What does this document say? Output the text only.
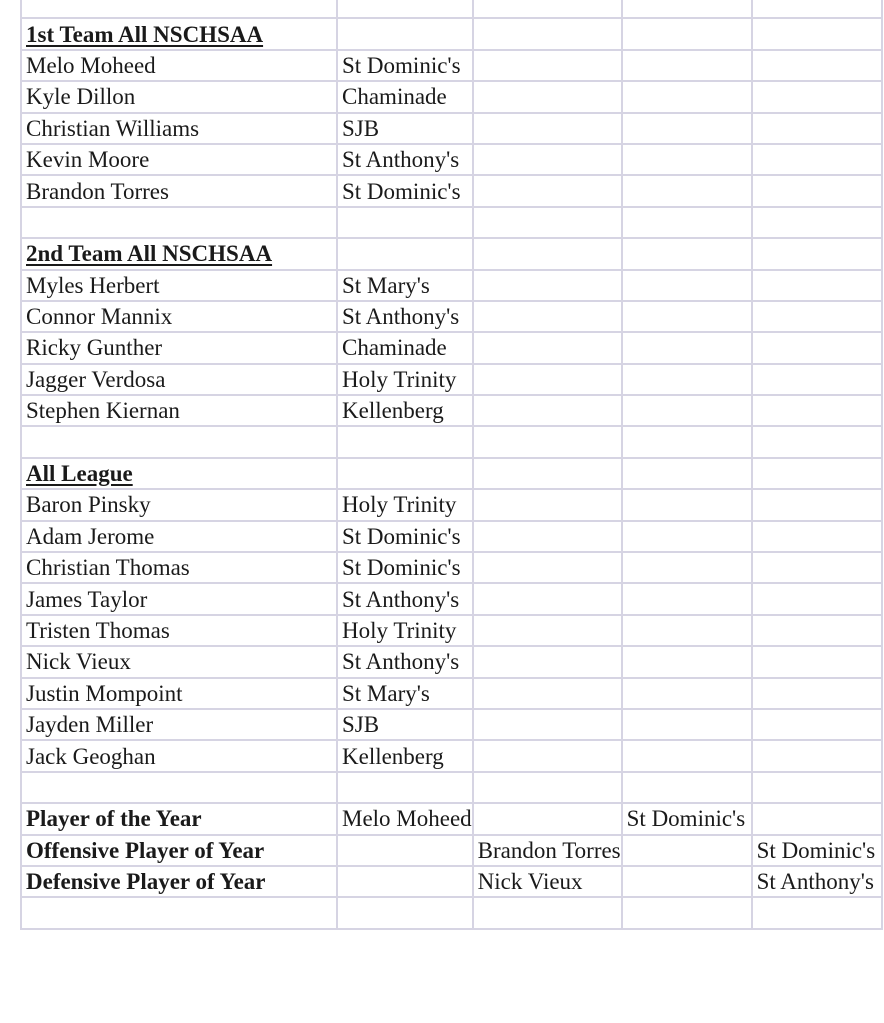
1st Team All NSCHSAA				
Melo Moheed	St Dominic's			
Kyle Dillon	Chaminade			
Christian Williams	SJB			
Kevin Moore	St Anthony's			
Brandon Torres	St Dominic's			

2nd Team All NSCHSAA				
Myles Herbert	St Mary's			
Connor Mannix	St Anthony's			
Ricky Gunther	Chaminade			
Jagger Verdosa	Holy Trinity			
Stephen Kiernan	Kellenberg			

All League				
Baron Pinsky	Holy Trinity			
Adam Jerome	St Dominic's			
Christian Thomas	St Dominic's			
James Taylor	St Anthony's			
Tristen Thomas	Holy Trinity			
Nick Vieux	St Anthony's			
Justin Mompoint	St Mary's			
Jayden Miller	SJB			
Jack Geoghan	Kellenberg			

Player of the Year	Melo Moheed		St Dominic's	
Offensive Player of Year		Brandon Torres		St Dominic's
Defensive Player of Year		Nick Vieux		St Anthony's
